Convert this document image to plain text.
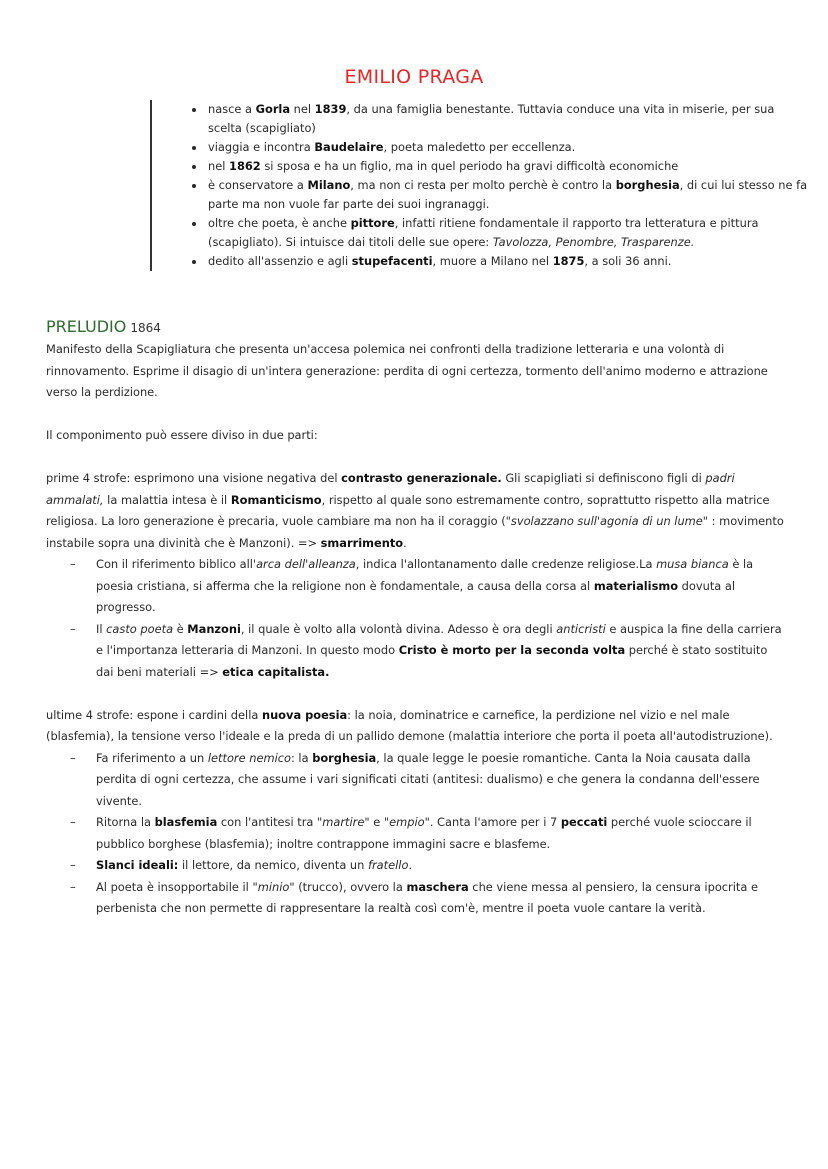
EMILIO PRAGA
• nasce a Gorla nel 1839, da una famiglia benestante. Tuttavia conduce una vita in miserie, per sua scelta (scapigliato)
• viaggia e incontra Baudelaire, poeta maledetto per eccellenza.
• nel 1862 si sposa e ha un figlio, ma in quel periodo ha gravi difficoltà economiche
• è conservatore a Milano, ma non ci resta per molto perchè è contro la borghesia, di cui lui stesso ne fa parte ma non vuole far parte dei suoi ingranaggi.
• oltre che poeta, è anche pittore, infatti ritiene fondamentale il rapporto tra letteratura e pittura (scapigliato). Si intuisce dai titoli delle sue opere: Tavolozza, Penombre, Trasparenze.
• dedito all'assenzio e agli stupefacenti, muore a Milano nel 1875, a soli 36 anni.

PRELUDIO 1864

Manifesto della Scapigliatura che presenta un'accesa polemica nei confronti della tradizione letteraria e una volontà di rinnovamento. Esprime il disagio di un'intera generazione: perdita di ogni certezza, tormento dell'animo moderno e attrazione verso la perdizione.

Il componimento può essere diviso in due parti:

prime 4 strofe: esprimono una visione negativa del contrasto generazionale. Gli scapigliati si definiscono figli di padri ammalati, la malattia intesa è il Romanticismo, rispetto al quale sono estremamente contro, soprattutto rispetto alla matrice religiosa. La loro generazione è precaria, vuole cambiare ma non ha il coraggio ("svolazzano sull'agonia di un lume" : movimento instabile sopra una divinità che è Manzoni). => smarrimento.

– Con il riferimento biblico all'arca dell'alleanza, indica l'allontanamento dalle credenze religiose.La musa bianca è la poesia cristiana, si afferma che la religione non è fondamentale, a causa della corsa al materialismo dovuta al progresso.
– Il casto poeta è Manzoni, il quale è volto alla volontà divina. Adesso è ora degli anticristi e auspica la fine della carriera e l'importanza letteraria di Manzoni. In questo modo Cristo è morto per la seconda volta perché è stato sostituito dai beni materiali => etica capitalista.

ultime 4 strofe: espone i cardini della nuova poesia: la noia, dominatrice e carnefice, la perdizione nel vizio e nel male (blasfemia), la tensione verso l'ideale e la preda di un pallido demone (malattia interiore che porta il poeta all'autodistruzione).

– Fa riferimento a un lettore nemico: la borghesia, la quale legge le poesie romantiche. Canta la Noia causata dalla perdita di ogni certezza, che assume i vari significati citati (antitesi: dualismo) e che genera la condanna dell'essere vivente.
– Ritorna la blasfemia con l'antitesi tra "martire" e "empio". Canta l'amore per i 7 peccati perché vuole scioccare il pubblico borghese (blasfemia); inoltre contrappone immagini sacre e blasfeme.
– Slanci ideali: il lettore, da nemico, diventa un fratello.
– Al poeta è insopportabile il "minio" (trucco), ovvero la maschera che viene messa al pensiero, la censura ipocrita e perbenista che non permette di rappresentare la realtà così com'è, mentre il poeta vuole cantare la verità.
